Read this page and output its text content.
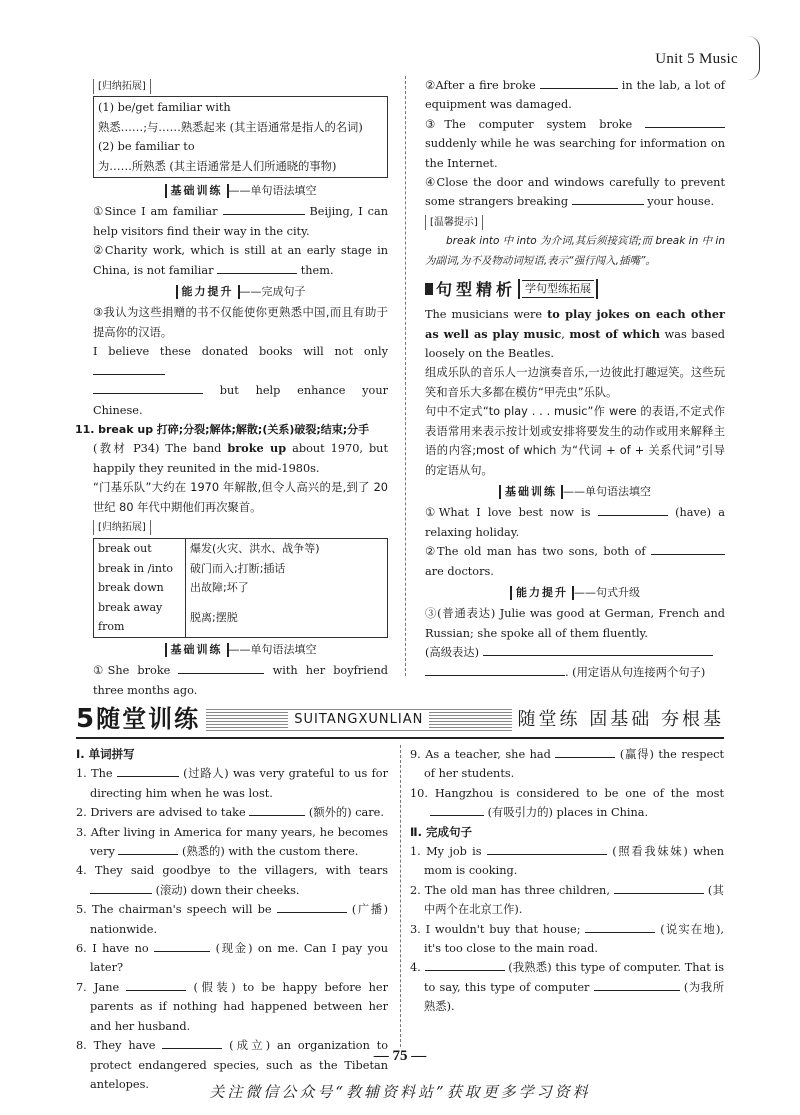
Unit 5 Music
[归纳拓展]

(1) be/get familiar with

熟悉……;与……熟悉起来 (其主语通常是指人的名词)

(2) be familiar to

为……所熟悉 (其主语通常是人们所通晓的事物)

基础训练 ——单句语法填空

①Since I am familiar	Beijing, I can help visitors find their way in the city.

②Charity work, which is still at an early stage in China, is not familiar	them.

能力提升 ——完成句子

③我认为这些捐赠的书不仅能使你更熟悉中国,而且有助于提高你的汉语。

I believe these donated books will not only

but help enhance your Chinese.

11. break up 打碎;分裂;解体;解散;(关系)破裂;结束;分手

(教材 P34) The band broke up about 1970, but happily they reunited in the mid-1980s.

“门基乐队”大约在 1970 年解散,但令人高兴的是,到了 20 世纪 80 年代中期他们再次聚首。

[归纳拓展]
break out	爆发(火灾、洪水、战争等)
break in /into	破门而入;打断;插话
break down	出故障;坏了
break away from	脱离;摆脱
基础训练 ——单句语法填空

①She broke	with her boyfriend three months ago.

②After a fire broke	in the lab, a lot of equipment was damaged.

③The computer system broke  suddenly while he was searching for information on the Internet.

④Close the door and windows carefully to prevent some strangers breaking	your house.

[温馨提示]

break into 中 into 为介词,其后须接宾语;而 break in 中 in 为副词,为不及物动词短语,表示“强行闯入,插嘴”。

句型精析 学句型练拓展

The musicians were to play jokes on each other as well as play music, most of which was based loosely on the Beatles.

组成乐队的音乐人一边演奏音乐,一边彼此打趣逗笑。这些玩笑和音乐大多都在模仿“甲壳虫”乐队。

句中不定式“to play . . . music”作 were 的表语,不定式作表语常用来表示按计划或安排将要发生的动作或用来解释主语的内容;most of which 为“代词 + of + 关系代词”引导的定语从句。

基础训练 ——单句语法填空

①What I love best now is	(have) a relaxing holiday.

②The old man has two sons, both of  are doctors.

能力提升 ——句式升级

③(普通表达) Julie was good at German, French and Russian; she spoke all of them fluently.

(高级表达)

. (用定语从句连接两个句子)

5 随堂训练	SUITANGXUNLIAN	随堂练 固基础 夯根基

Ⅰ. 单词拼写

1. The	(过路人) was very grateful to us for directing him when he was lost.

2. Drivers are advised to take	(额外的) care.

3. After living in America for many years, he becomes very	(熟悉的) with the custom there.

4. They said goodbye to the villagers, with tears  (滚动) down their cheeks.

5. The chairman's speech will be	(广播) nationwide.

6. I have no	(现金) on me. Can I pay you later?

7. Jane	(假装) to be happy before her parents as if nothing had happened between her and her husband.

8. They have	(成立) an organization to protect endangered species, such as the Tibetan antelopes.

9. As a teacher, she had	(赢得) the respect of her students.

10. Hangzhou is considered to be one of the most  (有吸引力的) places in China.

Ⅱ. 完成句子

1. My job is	(照看我妹妹) when mom is cooking.

2. The old man has three children,	(其中两个在北京工作).

3. I wouldn't buy that house;	(说实在地), it's too close to the main road.

4.	(我熟悉) this type of computer. That is to say, this type of computer	(为我所熟悉).

— 75 —
关注微信公众号“教辅资料站”获取更多学习资料
